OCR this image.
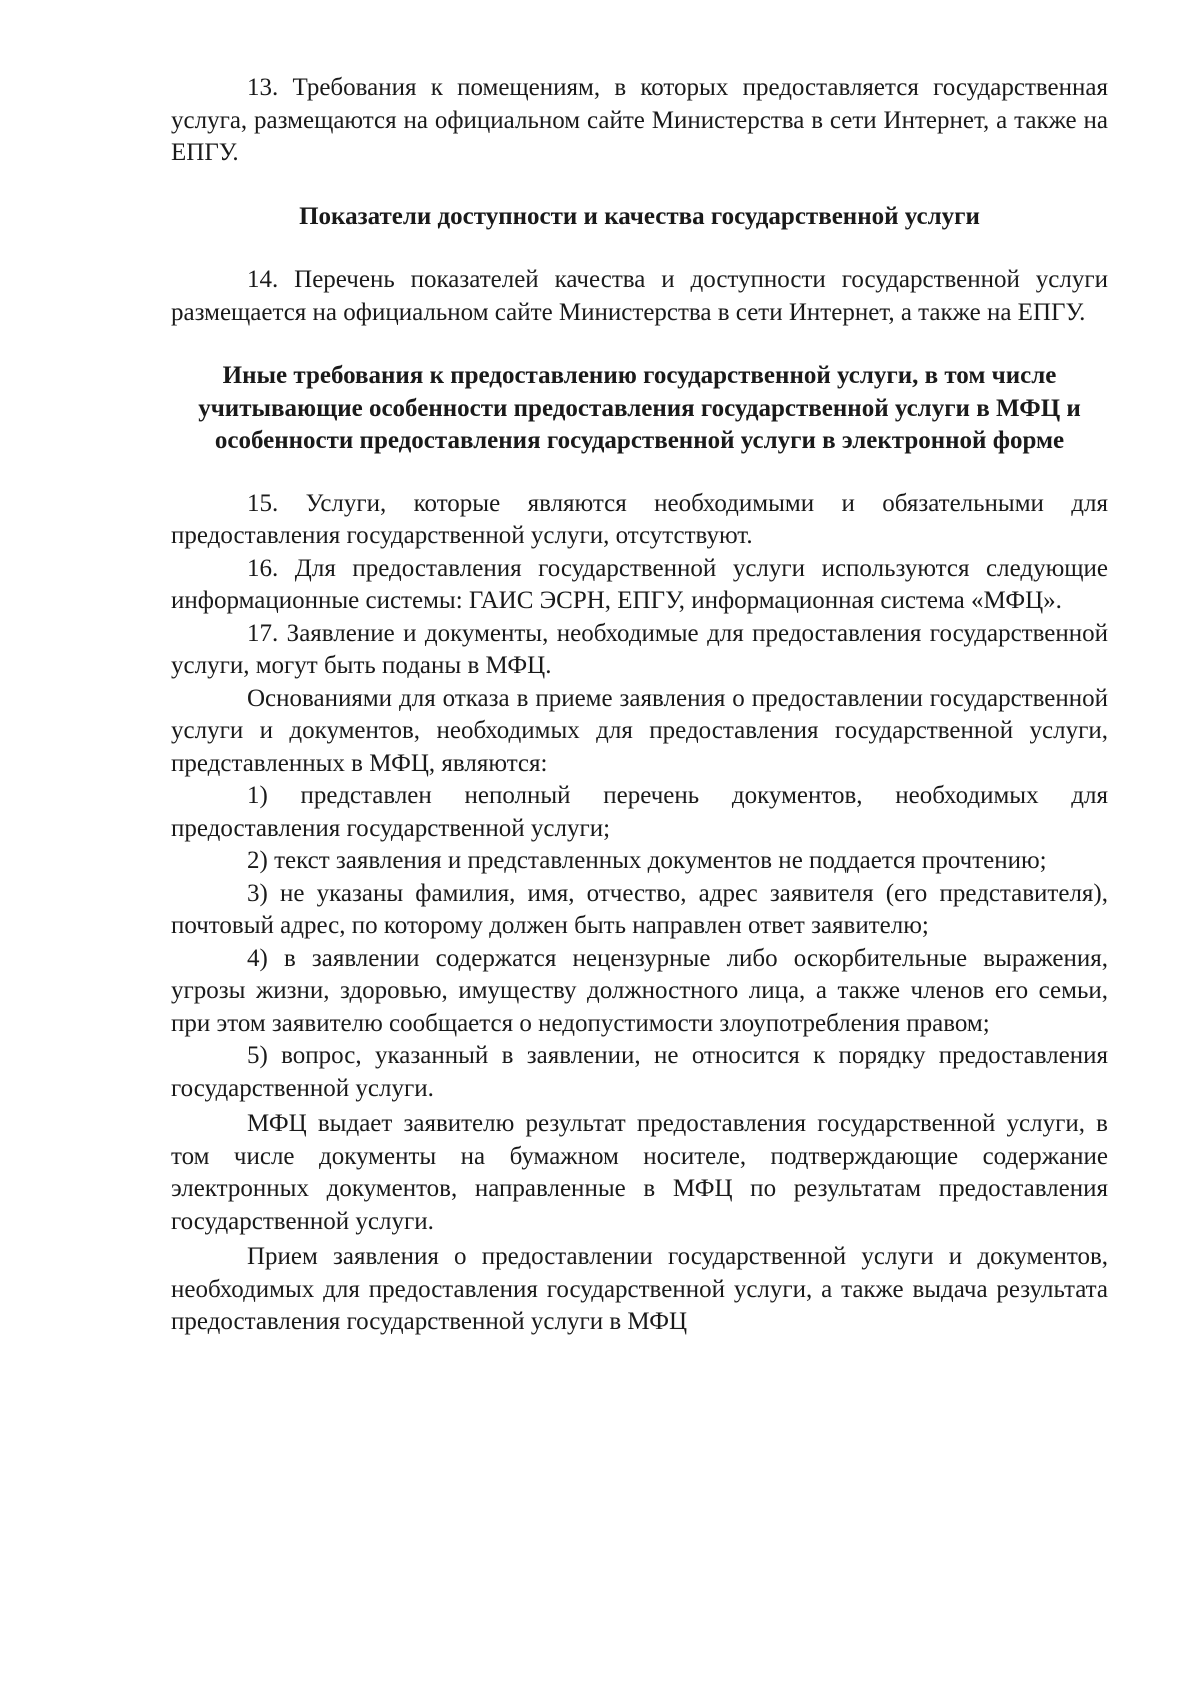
13. Требования к помещениям, в которых предоставляется государственная услуга, размещаются на официальном сайте Министерства в сети Интернет, а также на ЕПГУ.

Показатели доступности и качества государственной услуги

14. Перечень показателей качества и доступности государственной услуги размещается на официальном сайте Министерства в сети Интернет, а также на ЕПГУ.

Иные требования к предоставлению государственной услуги, в том числе учитывающие особенности предоставления государственной услуги в МФЦ и особенности предоставления государственной услуги в электронной форме

15. Услуги, которые являются необходимыми и обязательными для предоставления государственной услуги, отсутствуют.

16. Для предоставления государственной услуги используются следующие информационные системы: ГАИС ЭСРН, ЕПГУ, информационная система «МФЦ».

17. Заявление и документы, необходимые для предоставления государственной услуги, могут быть поданы в МФЦ.

Основаниями для отказа в приеме заявления о предоставлении государственной услуги и документов, необходимых для предоставления государственной услуги, представленных в МФЦ, являются:

1) представлен неполный перечень документов, необходимых для предоставления государственной услуги;

2) текст заявления и представленных документов не поддается прочтению;

3) не указаны фамилия, имя, отчество, адрес заявителя (его представителя), почтовый адрес, по которому должен быть направлен ответ заявителю;

4) в заявлении содержатся нецензурные либо оскорбительные выражения, угрозы жизни, здоровью, имуществу должностного лица, а также членов его семьи, при этом заявителю сообщается о недопустимости злоупотребления правом;

5) вопрос, указанный в заявлении, не относится к порядку предоставления государственной услуги.

МФЦ выдает заявителю результат предоставления государственной услуги, в том числе документы на бумажном носителе, подтверждающие содержание электронных документов, направленные в МФЦ по результатам предоставления государственной услуги.

Прием заявления о предоставлении государственной услуги и документов, необходимых для предоставления государственной услуги, а также выдача результата предоставления государственной услуги в МФЦ
